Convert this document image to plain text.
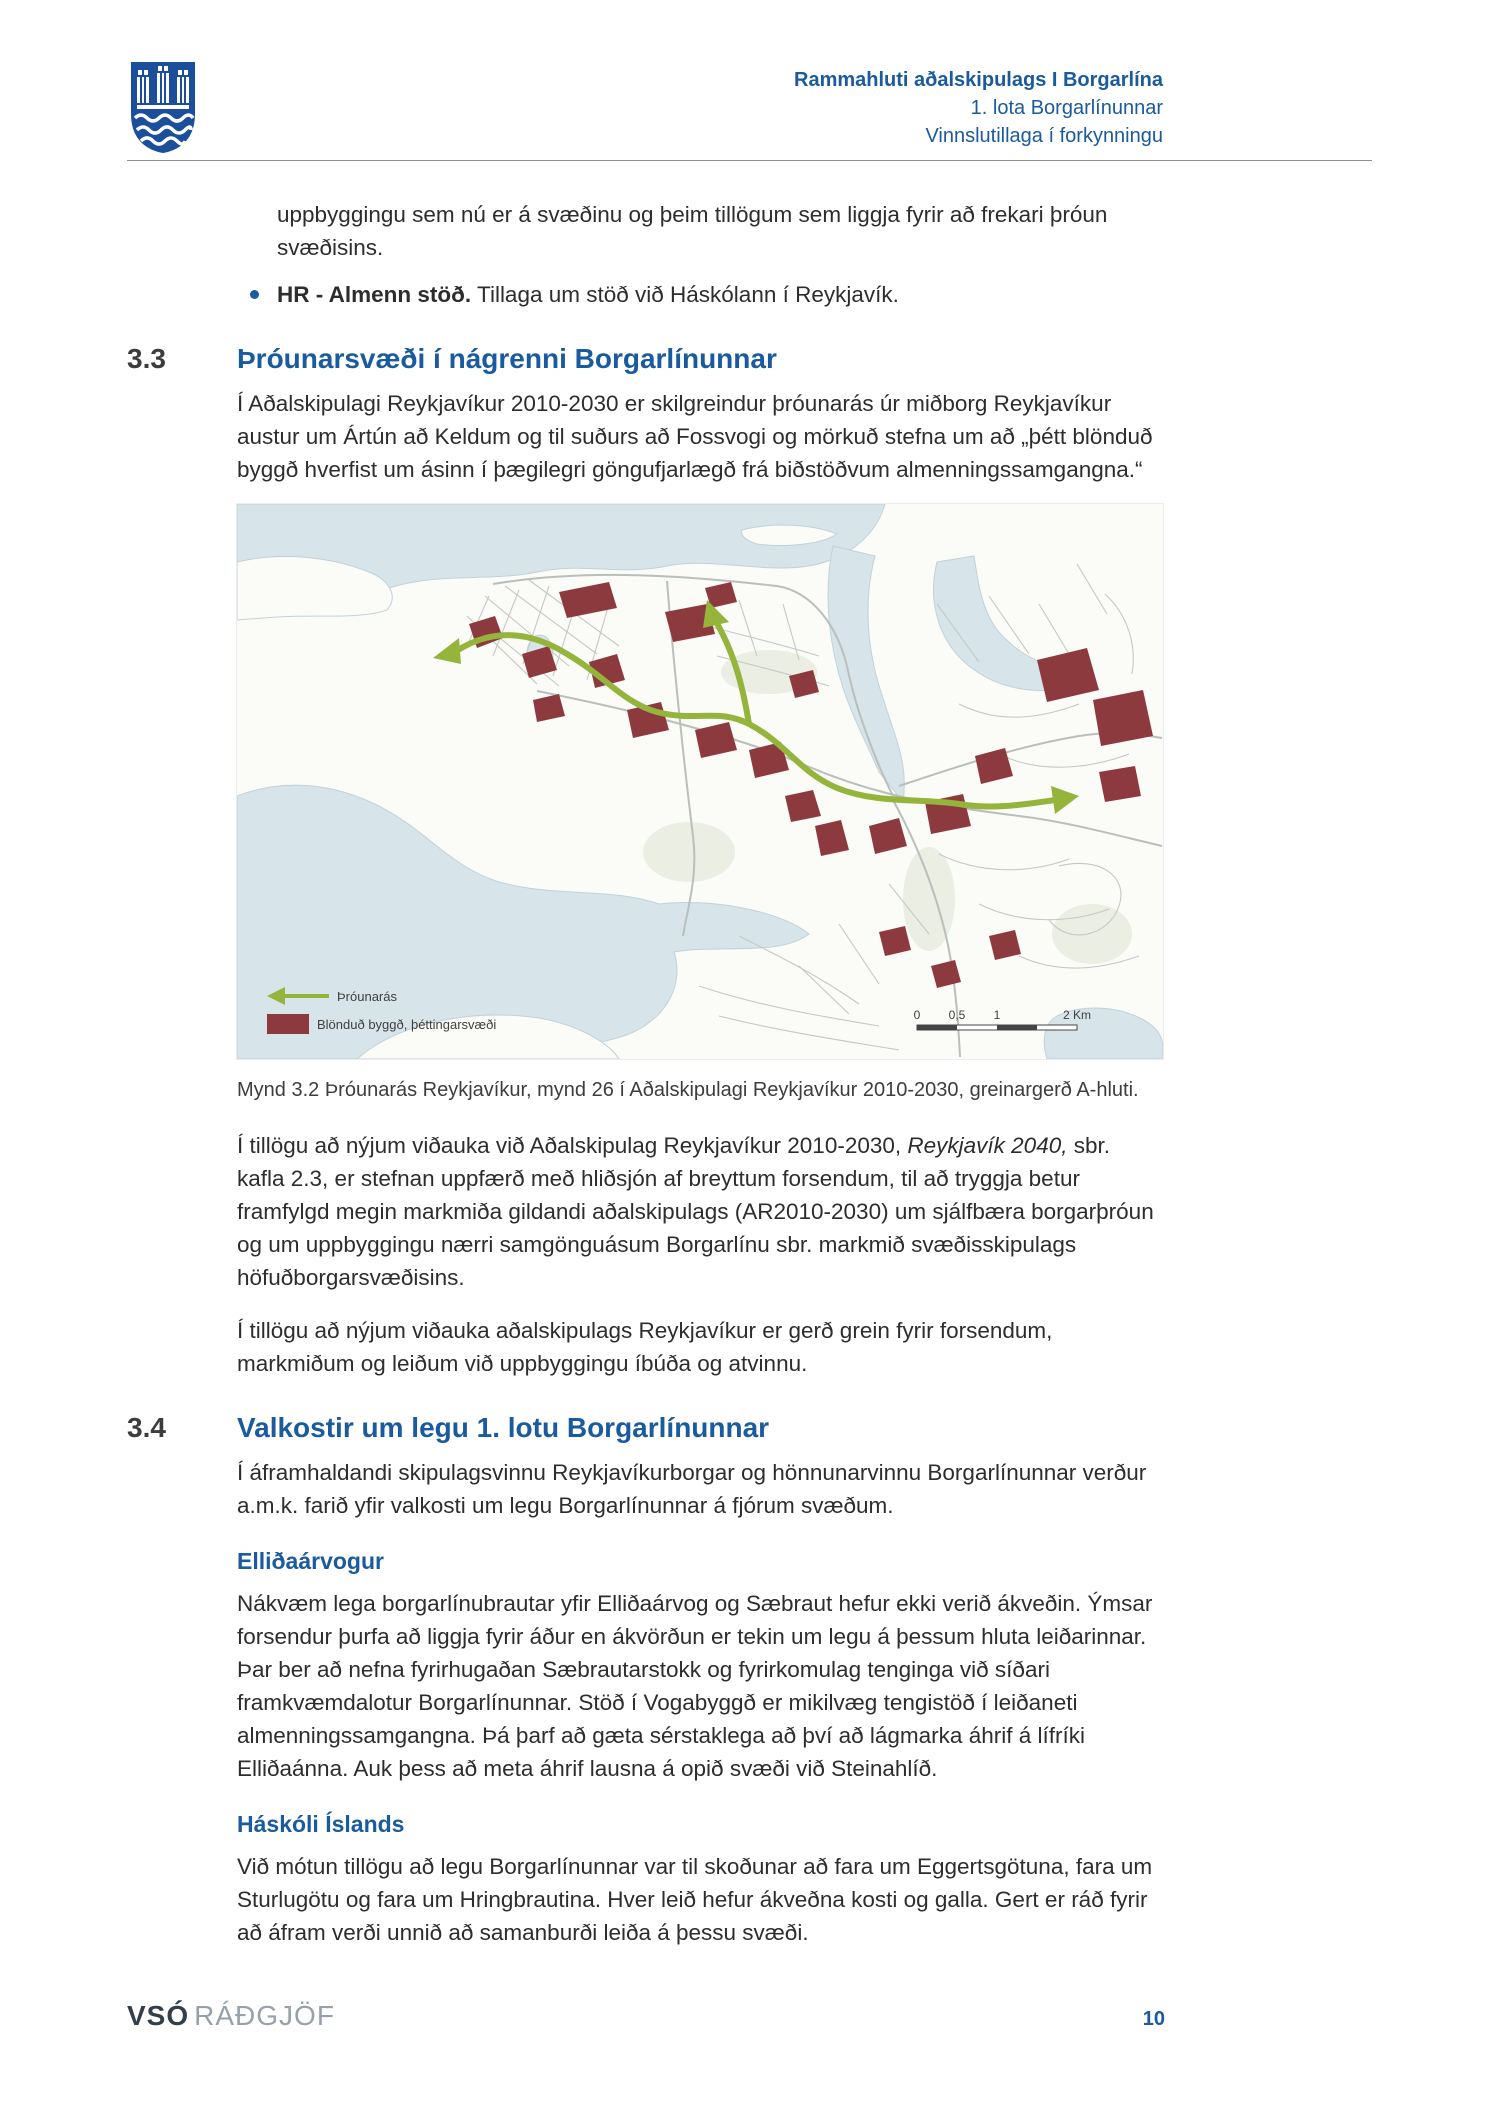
Rammahluti aðalskipulags I Borgarlína
1. lota Borgarlínunnar
Vinnslutillaga í forkynningu

uppbyggingu sem nú er á svæðinu og þeim tillögum sem liggja fyrir að frekari þróun svæðisins.

HR - Almenn stöð. Tillaga um stöð við Háskólann í Reykjavík.
3.3	Þróunarsvæði í nágrenni Borgarlínunnar

Í Aðalskipulagi Reykjavíkur 2010-2030 er skilgreindur þróunarás úr miðborg Reykjavíkur austur um Ártún að Keldum og til suðurs að Fossvogi og mörkuð stefna um að „þétt blönduð byggð hverfist um ásinn í þægilegri göngufjarlægð frá biðstöðvum almenningssamgangna.“

Þróunarás
Blönduð byggð, þéttingarsvæði
0 0,5 1	2 Km
Mynd 3.2 Þróunarás Reykjavíkur, mynd 26 í Aðalskipulagi Reykjavíkur 2010-2030, greinargerð A-hluti.

Í tillögu að nýjum viðauka við Aðalskipulag Reykjavíkur 2010-2030, Reykjavík 2040, sbr. kafla 2.3, er stefnan uppfærð með hliðsjón af breyttum forsendum, til að tryggja betur framfylgd megin markmiða gildandi aðalskipulags (AR2010-2030) um sjálfbæra borgarþróun og um uppbyggingu nærri samgönguásum Borgarlínu sbr. markmið svæðisskipulags höfuðborgarsvæðisins.

Í tillögu að nýjum viðauka aðalskipulags Reykjavíkur er gerð grein fyrir forsendum, markmiðum og leiðum við uppbyggingu íbúða og atvinnu.

3.4	Valkostir um legu 1. lotu Borgarlínunnar

Í áframhaldandi skipulagsvinnu Reykjavíkurborgar og hönnunarvinnu Borgarlínunnar verður a.m.k. farið yfir valkosti um legu Borgarlínunnar á fjórum svæðum.

Elliðaárvogur

Nákvæm lega borgarlínubrautar yfir Elliðaárvog og Sæbraut hefur ekki verið ákveðin. Ýmsar forsendur þurfa að liggja fyrir áður en ákvörðun er tekin um legu á þessum hluta leiðarinnar. Þar ber að nefna fyrirhugaðan Sæbrautarstokk og fyrirkomulag tenginga við síðari framkvæmdalotur Borgarlínunnar. Stöð í Vogabyggð er mikilvæg tengistöð í leiðaneti almenningssamgangna. Þá þarf að gæta sérstaklega að því að lágmarka áhrif á lífríki Elliðaánna. Auk þess að meta áhrif lausna á opið svæði við Steinahlíð.

Háskóli Íslands

Við mótun tillögu að legu Borgarlínunnar var til skoðunar að fara um Eggertsgötuna, fara um Sturlugötu og fara um Hringbrautina. Hver leið hefur ákveðna kosti og galla. Gert er ráð fyrir að áfram verði unnið að samanburði leiða á þessu svæði.

VSÓ RÁÐGJÖF	10
